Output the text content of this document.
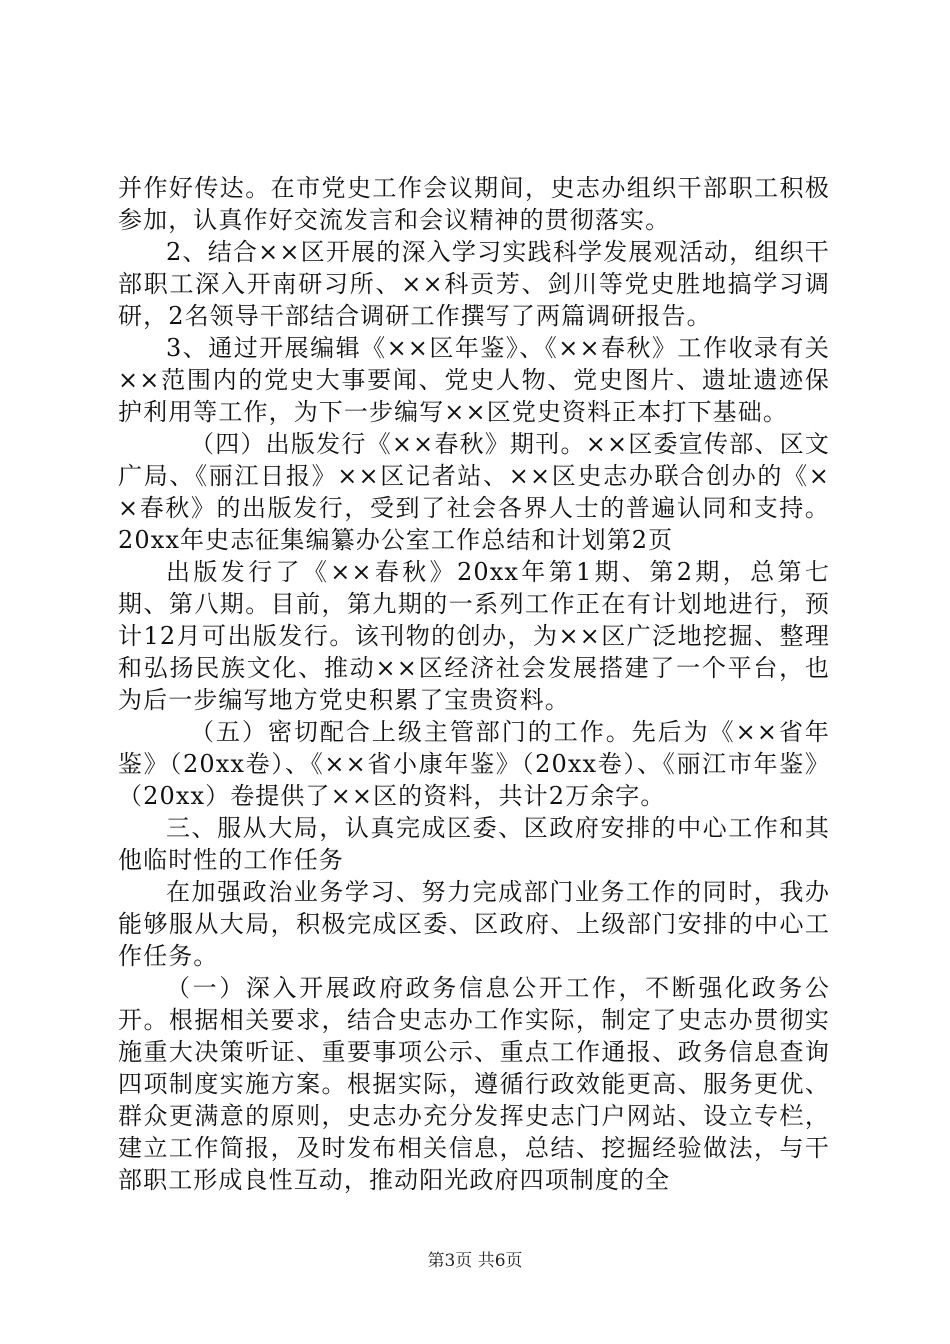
并作好传达。在市党史工作会议期间，史志办组织干部职工积极参加，认真作好交流发言和会议精神的贯彻落实。

2、结合××区开展的深入学习实践科学发展观活动，组织干部职工深入开南研习所、××科贡芳、剑川等党史胜地搞学习调研，2名领导干部结合调研工作撰写了两篇调研报告。

3、通过开展编辑《××区年鉴》、《××春秋》工作收录有关××范围内的党史大事要闻、党史人物、党史图片、遗址遗迹保护利用等工作，为下一步编写××区党史资料正本打下基础。

（四）出版发行《××春秋》期刊。××区委宣传部、区文广局、《丽江日报》××区记者站、××区史志办联合创办的《××春秋》的出版发行，受到了社会各界人士的普遍认同和支持。20xx年史志征集编纂办公室工作总结和计划第2页

出版发行了《××春秋》20xx年第1期、第2期，总第七期、第八期。目前，第九期的一系列工作正在有计划地进行，预计12月可出版发行。该刊物的创办，为××区广泛地挖掘、整理和弘扬民族文化、推动××区经济社会发展搭建了一个平台，也为后一步编写地方党史积累了宝贵资料。

（五）密切配合上级主管部门的工作。先后为《××省年鉴》（20xx卷）、《××省小康年鉴》（20xx卷）、《丽江市年鉴》（20xx）卷提供了××区的资料，共计2万余字。

三、服从大局，认真完成区委、区政府安排的中心工作和其他临时性的工作任务

在加强政治业务学习、努力完成部门业务工作的同时，我办能够服从大局，积极完成区委、区政府、上级部门安排的中心工作任务。

（一）深入开展政府政务信息公开工作，不断强化政务公开。根据相关要求，结合史志办工作实际，制定了史志办贯彻实施重大决策听证、重要事项公示、重点工作通报、政务信息查询四项制度实施方案。根据实际，遵循行政效能更高、服务更优、群众更满意的原则，史志办充分发挥史志门户网站、设立专栏，建立工作简报，及时发布相关信息，总结、挖掘经验做法，与干部职工形成良性互动，推动阳光政府四项制度的全

第3页 共6页
